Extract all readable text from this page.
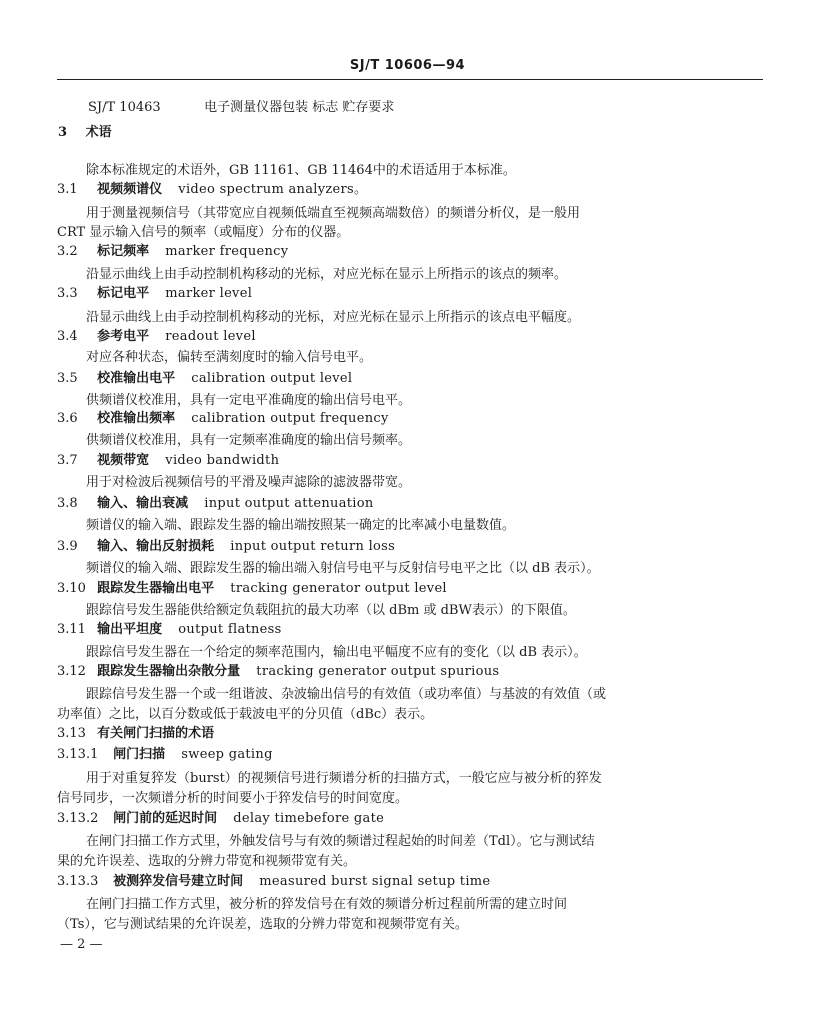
SJ/T 10606—94
SJ/T 10463	电子测量仪器包装 标志 贮存要求
3 术语
除本标准规定的术语外，GB 11161、GB 11464中的术语适用于本标准。
3.1 视频频谱仪 video spectrum analyzers。
用于测量视频信号（其带宽应自视频低端直至视频高端数倍）的频谱分析仪，是一般用
CRT 显示输入信号的频率（或幅度）分布的仪器。
3.2 标记频率 marker frequency
沿显示曲线上由手动控制机构移动的光标，对应光标在显示上所指示的该点的频率。
3.3 标记电平 marker level
沿显示曲线上由手动控制机构移动的光标，对应光标在显示上所指示的该点电平幅度。
3.4 参考电平 readout level
对应各种状态，偏转至满刻度时的输入信号电平。
3.5 校准输出电平 calibration output level
供频谱仪校准用，具有一定电平准确度的输出信号电平。
3.6 校准输出频率 calibration output frequency
供频谱仪校准用，具有一定频率准确度的输出信号频率。
3.7 视频带宽 video bandwidth
用于对检波后视频信号的平滑及噪声滤除的滤波器带宽。
3.8 输入、输出衰减 input output attenuation
频谱仪的输入端、跟踪发生器的输出端按照某一确定的比率减小电量数值。
3.9 输入、输出反射损耗 input output return loss
频谱仪的输入端、跟踪发生器的输出端入射信号电平与反射信号电平之比（以 dB 表示）。
3.10 跟踪发生器输出电平 tracking generator output level
跟踪信号发生器能供给额定负载阻抗的最大功率（以 dBm 或 dBW表示）的下限值。
3.11 输出平坦度 output flatness
跟踪信号发生器在一个给定的频率范围内，输出电平幅度不应有的变化（以 dB 表示）。
3.12 跟踪发生器输出杂散分量 tracking generator output spurious
跟踪信号发生器一个或一组谐波、杂波输出信号的有效值（或功率值）与基波的有效值（或
功率值）之比，以百分数或低于载波电平的分贝值（dBc）表示。
3.13 有关闸门扫描的术语
3.13.1 闸门扫描 sweep gating
用于对重复猝发（burst）的视频信号进行频谱分析的扫描方式，一般它应与被分析的猝发
信号同步，一次频谱分析的时间要小于猝发信号的时间宽度。
3.13.2 闸门前的延迟时间 delay timebefore gate
在闸门扫描工作方式里，外触发信号与有效的频谱过程起始的时间差（Tdl）。它与测试结
果的允许误差、选取的分辨力带宽和视频带宽有关。
3.13.3 被测猝发信号建立时间 measured burst signal setup time
在闸门扫描工作方式里，被分析的猝发信号在有效的频谱分析过程前所需的建立时间
（Ts），它与测试结果的允许误差，选取的分辨力带宽和视频带宽有关。
— 2 —
